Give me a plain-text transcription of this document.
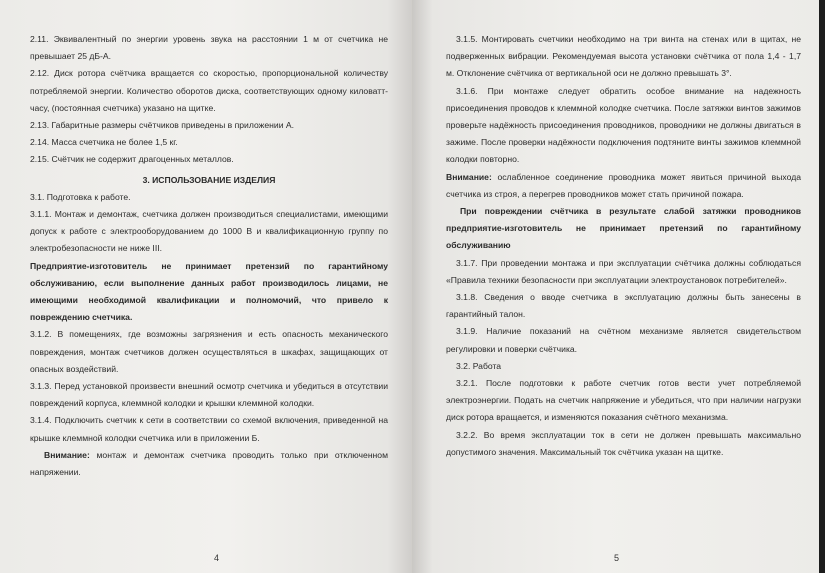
2.11. Эквивалентный по энергии уровень звука на расстоянии 1 м от счетчика не превышает 25 дБ-А.

2.12. Диск ротора счётчика вращается со скоростью, пропорциональной количеству потребляемой энергии. Количество оборотов диска, соответствующих одному киловатт-часу, (постоянная счетчика) указано на щитке.

2.13. Габаритные размеры счётчиков приведены в приложении А.

2.14. Масса счетчика не более 1,5 кг.

2.15. Счётчик не содержит драгоценных металлов.

3. ИСПОЛЬЗОВАНИЕ ИЗДЕЛИЯ

3.1. Подготовка к работе.

3.1.1. Монтаж и демонтаж, счетчика должен производиться специалистами, имеющими допуск к работе с электрооборудованием до 1000 В и квалификационную группу по электробезопасности не ниже III.

Предприятие-изготовитель не принимает претензий по гарантийному обслуживанию, если выполнение данных работ производилось лицами, не имеющими необходимой квалификации и полномочий, что привело к повреждению счетчика.

3.1.2. В помещениях, где возможны загрязнения и есть опасность механического повреждения, монтаж счетчиков должен осуществляться в шкафах, защищающих от опасных воздействий.

3.1.3. Перед установкой произвести внешний осмотр счетчика и убедиться в отсутствии повреждений корпуса, клеммной колодки и крышки клеммной колодки.

3.1.4. Подключить счетчик к сети в соответствии со схемой включения, приведенной на крышке клеммной колодки счетчика или в приложении Б.

Внимание: монтаж и демонтаж счетчика проводить только при отключенном напряжении.

4

3.1.5. Монтировать счетчики необходимо на три винта на стенах или в щитах, не подверженных вибрации. Рекомендуемая высота установки счётчика от пола 1,4 - 1,7 м. Отклонение счётчика от вертикальной оси не должно превышать 3°.

3.1.6. При монтаже следует обратить особое внимание на надежность присоединения проводов к клеммной колодке счетчика. После затяжки винтов зажимов проверьте надёжность присоединения проводников, проводники не должны двигаться в зажиме. После проверки надёжности подключения подтяните винты зажимов клеммной колодки повторно.

Внимание: ослабленное соединение проводника может явиться причиной выхода счетчика из строя, а перегрев проводников может стать причиной пожара.

При повреждении счётчика в результате слабой затяжки проводников предприятие-изготовитель не принимает претензий по гарантийному обслуживанию

3.1.7. При проведении монтажа и при эксплуатации счётчика должны соблюдаться «Правила техники безопасности при эксплуатации электроустановок потребителей».

3.1.8. Сведения о вводе счетчика в эксплуатацию должны быть занесены в гарантийный талон.

3.1.9. Наличие показаний на счётном механизме является свидетельством регулировки и поверки счётчика.

3.2. Работа

3.2.1. После подготовки к работе счетчик готов вести учет потребляемой электроэнергии. Подать на счетчик напряжение и убедиться, что при наличии нагрузки диск ротора вращается, и изменяются показания счётного механизма.

3.2.2. Во время эксплуатации ток в сети не должен превышать максимально допустимого значения. Максимальный ток счётчика указан на щитке.

5
